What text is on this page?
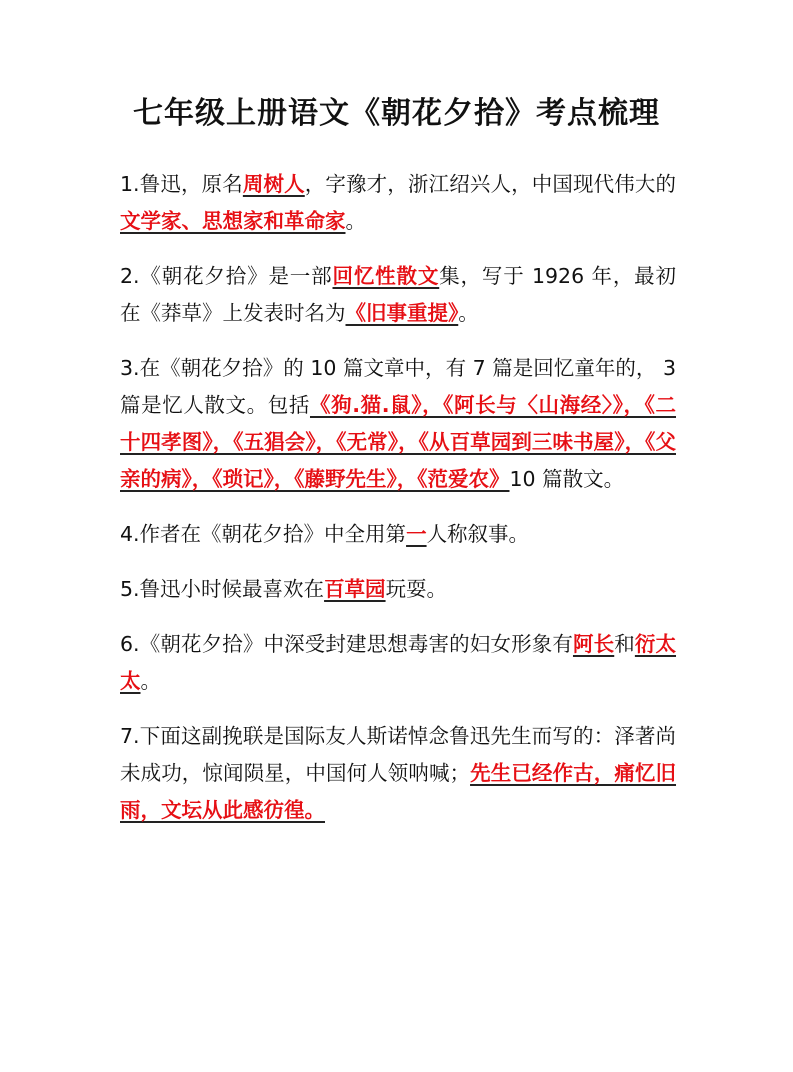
七年级上册语文《朝花夕拾》考点梳理

1.鲁迅，原名周树人，字豫才，浙江绍兴人，中国现代伟大的文学家、思想家和革命家。

2.《朝花夕拾》是一部回忆性散文集，写于 1926 年，最初在《莽草》上发表时名为《旧事重提》。

3.在《朝花夕拾》的 10 篇文章中，有 7 篇是回忆童年的， 3 篇是忆人散文。包括《狗.猫.鼠》，《阿长与〈山海经〉》，《二十四孝图》，《五猖会》，《无常》，《从百草园到三味书屋》，《父亲的病》，《琐记》，《藤野先生》，《范爱农》10 篇散文。

4.作者在《朝花夕拾》中全用第一人称叙事。

5.鲁迅小时候最喜欢在百草园玩耍。

6.《朝花夕拾》中深受封建思想毒害的妇女形象有阿长和衍太太。

7.下面这副挽联是国际友人斯诺悼念鲁迅先生而写的：泽著尚未成功，惊闻陨星，中国何人领呐喊；先生已经作古，痛忆旧雨，文坛从此感彷徨。
